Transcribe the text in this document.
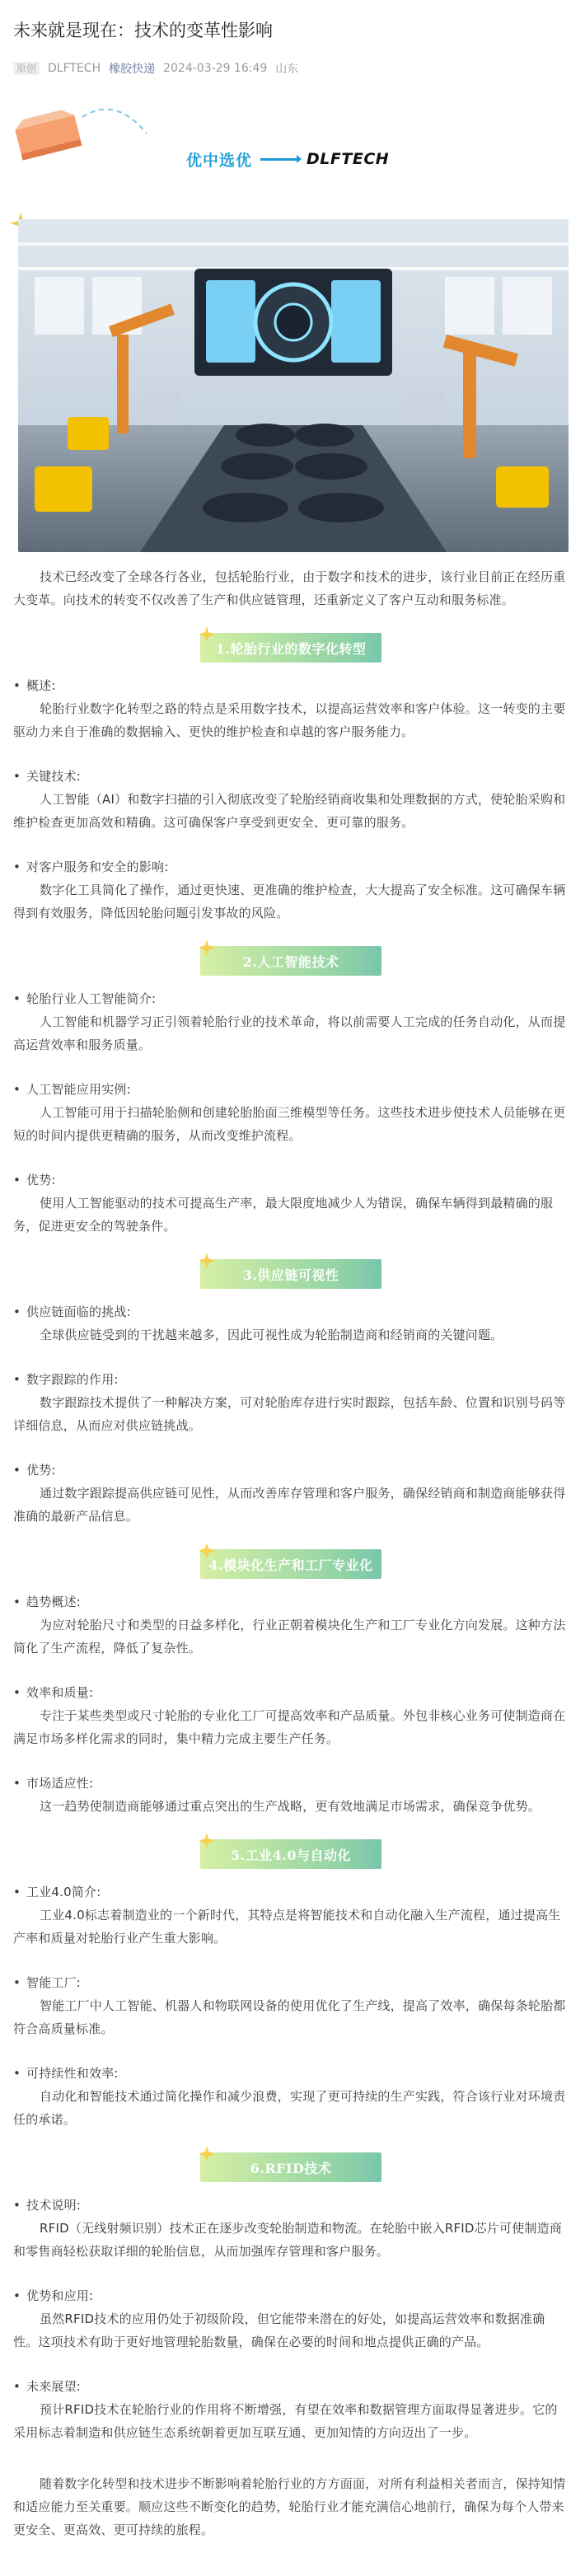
未来就是现在：技术的变革性影响
原创 DLFTECH 橡胶快递 2024-03-29 16:49 山东
优中选优	DLFTECH

技术已经改变了全球各行各业，包括轮胎行业，由于数字和技术的进步，该行业目前正在经历重大变革。向技术的转变不仅改善了生产和供应链管理，还重新定义了客户互动和服务标准。

1.轮胎行业的数字化转型

• 概述:

轮胎行业数字化转型之路的特点是采用数字技术，以提高运营效率和客户体验。这一转变的主要驱动力来自于准确的数据输入、更快的维护检查和卓越的客户服务能力。

• 关键技术:

人工智能（AI）和数字扫描的引入彻底改变了轮胎经销商收集和处理数据的方式，使轮胎采购和维护检查更加高效和精确。这可确保客户享受到更安全、更可靠的服务。

• 对客户服务和安全的影响:

数字化工具简化了操作，通过更快速、更准确的维护检查，大大提高了安全标准。这可确保车辆得到有效服务，降低因轮胎问题引发事故的风险。

2.人工智能技术

• 轮胎行业人工智能简介:

人工智能和机器学习正引领着轮胎行业的技术革命，将以前需要人工完成的任务自动化，从而提高运营效率和服务质量。

• 人工智能应用实例:

人工智能可用于扫描轮胎侧和创建轮胎胎面三维模型等任务。这些技术进步使技术人员能够在更短的时间内提供更精确的服务，从而改变维护流程。

• 优势:

使用人工智能驱动的技术可提高生产率，最大限度地减少人为错误，确保车辆得到最精确的服务，促进更安全的驾驶条件。

3.供应链可视性

• 供应链面临的挑战:

全球供应链受到的干扰越来越多，因此可视性成为轮胎制造商和经销商的关键问题。

• 数字跟踪的作用:

数字跟踪技术提供了一种解决方案，可对轮胎库存进行实时跟踪，包括车龄、位置和识别号码等详细信息，从而应对供应链挑战。

• 优势:

通过数字跟踪提高供应链可见性，从而改善库存管理和客户服务，确保经销商和制造商能够获得准确的最新产品信息。

4.模块化生产和工厂专业化

• 趋势概述:

为应对轮胎尺寸和类型的日益多样化，行业正朝着模块化生产和工厂专业化方向发展。这种方法简化了生产流程，降低了复杂性。

• 效率和质量:

专注于某些类型或尺寸轮胎的专业化工厂可提高效率和产品质量。外包非核心业务可使制造商在满足市场多样化需求的同时，集中精力完成主要生产任务。

• 市场适应性:

这一趋势使制造商能够通过重点突出的生产战略，更有效地满足市场需求，确保竞争优势。

5.工业4.0与自动化

• 工业4.0简介:

工业4.0标志着制造业的一个新时代，其特点是将智能技术和自动化融入生产流程，通过提高生产率和质量对轮胎行业产生重大影响。

• 智能工厂:

智能工厂中人工智能、机器人和物联网设备的使用优化了生产线，提高了效率，确保每条轮胎都符合高质量标准。

• 可持续性和效率:

自动化和智能技术通过简化操作和减少浪费，实现了更可持续的生产实践，符合该行业对环境责任的承诺。

6.RFID技术

• 技术说明:

RFID（无线射频识别）技术正在逐步改变轮胎制造和物流。在轮胎中嵌入RFID芯片可使制造商和零售商轻松获取详细的轮胎信息，从而加强库存管理和客户服务。

• 优势和应用:

虽然RFID技术的应用仍处于初级阶段，但它能带来潜在的好处，如提高运营效率和数据准确性。这项技术有助于更好地管理轮胎数量，确保在必要的时间和地点提供正确的产品。

• 未来展望:

预计RFID技术在轮胎行业的作用将不断增强，有望在效率和数据管理方面取得显著进步。它的采用标志着制造和供应链生态系统朝着更加互联互通、更加知情的方向迈出了一步。

随着数字化转型和技术进步不断影响着轮胎行业的方方面面，对所有利益相关者而言，保持知情和适应能力至关重要。顺应这些不断变化的趋势，轮胎行业才能充满信心地前行，确保为每个人带来更安全、更高效、更可持续的旅程。
